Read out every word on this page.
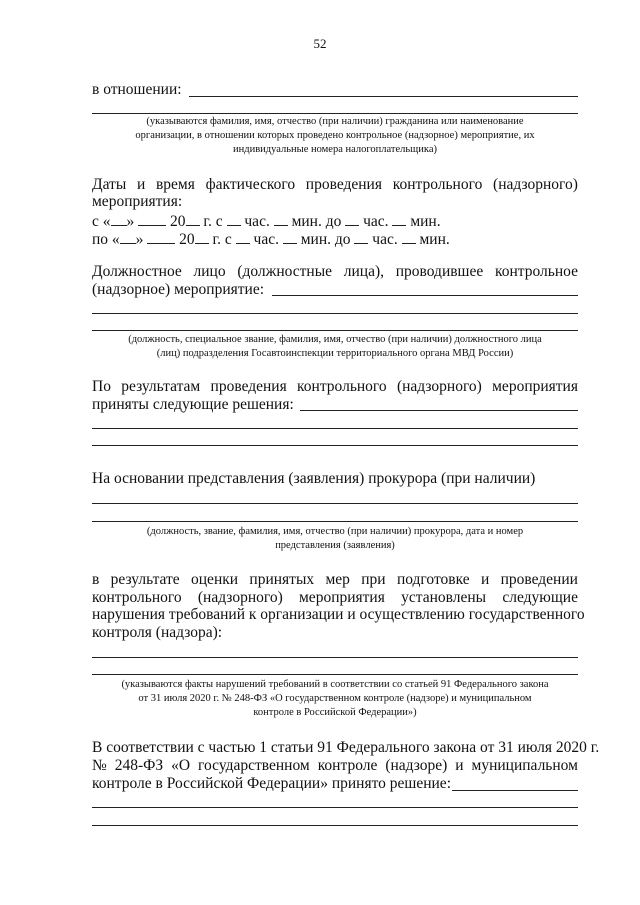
52
в отношении:
(указываются фамилия, имя, отчество (при наличии) гражданина или наименование
организации, в отношении которых проведено контрольное (надзорное) мероприятие, их
индивидуальные номера налогоплательщика)
Даты и время фактического проведения контрольного (надзорного)
мероприятия:
с « » 20 г. с час. мин. до час. мин.
по « » 20 г. с час. мин. до час. мин.
Должностное лицо (должностные лица), проводившее контрольное
(надзорное) мероприятие:
(должность, специальное звание, фамилия, имя, отчество (при наличии) должностного лица
(лиц) подразделения Госавтоинспекции территориального органа МВД России)
По результатам проведения контрольного (надзорного) мероприятия
приняты следующие решения:
На основании представления (заявления) прокурора (при наличии)
(должность, звание, фамилия, имя, отчество (при наличии) прокурора, дата и номер
представления (заявления)
в результате оценки принятых мер при подготовке и проведении
контрольного (надзорного) мероприятия установлены следующие
нарушения требований к организации и осуществлению государственного
контроля (надзора):
(указываются факты нарушений требований в соответствии со статьей 91 Федерального закона
от 31 июля 2020 г. № 248-ФЗ «О государственном контроле (надзоре) и муниципальном
контроле в Российской Федерации»)
В соответствии с частью 1 статьи 91 Федерального закона от 31 июля 2020 г.
№ 248-ФЗ «О государственном контроле (надзоре) и муниципальном
контроле в Российской Федерации» принято решение:
